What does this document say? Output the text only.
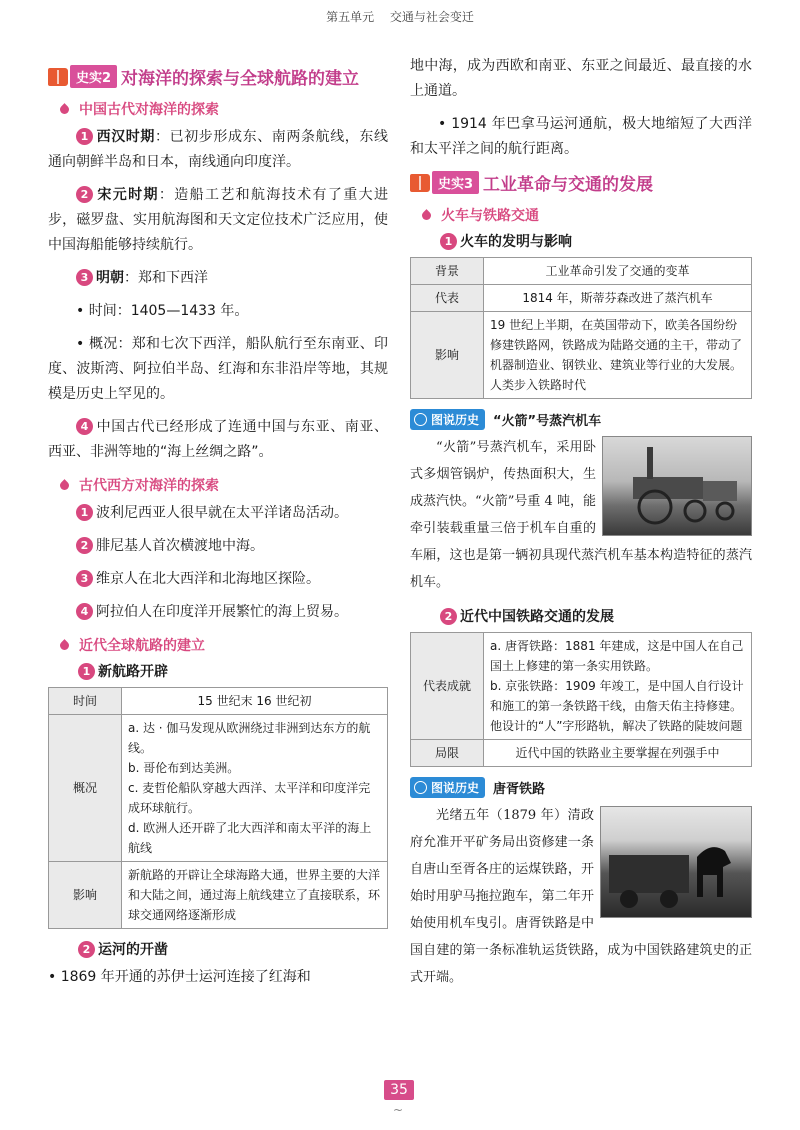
第五单元 交通与社会变迁
史实2 对海洋的探索与全球航路的建立
中国古代对海洋的探索

1 西汉时期：已初步形成东、南两条航线，东线通向朝鲜半岛和日本，南线通向印度洋。

2 宋元时期：造船工艺和航海技术有了重大进步，磁罗盘、实用航海图和天文定位技术广泛应用，使中国海船能够持续航行。

3 明朝：郑和下西洋

• 时间：1405—1433 年。

• 概况：郑和七次下西洋，船队航行至东南亚、印度、波斯湾、阿拉伯半岛、红海和东非沿岸等地，其规模是历史上罕见的。

4 中国古代已经形成了连通中国与东亚、南亚、西亚、非洲等地的“海上丝绸之路”。

古代西方对海洋的探索

1 波利尼西亚人很早就在太平洋诸岛活动。

2 腓尼基人首次横渡地中海。

3 维京人在北大西洋和北海地区探险。

4 阿拉伯人在印度洋开展繁忙的海上贸易。

近代全球航路的建立
1 新航路开辟
时间	15 世纪末 16 世纪初
概况	a. 达 · 伽马发现从欧洲绕过非洲到达东方的航线。
b. 哥伦布到达美洲。
c. 麦哲伦船队穿越大西洋、太平洋和印度洋完成环球航行。
d. 欧洲人还开辟了北大西洋和南太平洋的海上航线

影响	新航路的开辟让全球海路大通，世界主要的大洋和大陆之间，通过海上航线建立了直接联系，环球交通网络逐渐形成
2 运河的开凿

• 1869 年开通的苏伊士运河连接了红海和

地中海，成为西欧和南亚、东亚之间最近、最直接的水上通道。

• 1914 年巴拿马运河通航，极大地缩短了大西洋和太平洋之间的航行距离。

史实3 工业革命与交通的发展
火车与铁路交通
1 火车的发明与影响
背景	工业革命引发了交通的变革
代表	1814 年，斯蒂芬森改进了蒸汽机车
影响	19 世纪上半期，在英国带动下，欧美各国纷纷修建铁路网，铁路成为陆路交通的主干，带动了机器制造业、钢铁业、建筑业等行业的大发展。人类步入铁路时代
图说历史 “火箭”号蒸汽机车

“火箭”号蒸汽机车，采用卧式多烟管锅炉，传热面积大，生成蒸汽快。“火箭”号重 4 吨，能牵引装载重量三倍于机车自重的车厢，这也是第一辆初具现代蒸汽机车基本构造特征的蒸汽机车。

2 近代中国铁路交通的发展
代表成就	a. 唐胥铁路：1881 年建成，这是中国人在自己国土上修建的第一条实用铁路。
b. 京张铁路：1909 年竣工，是中国人自行设计和施工的第一条铁路干线，由詹天佑主持修建。他设计的“人”字形路轨，解决了铁路的陡坡问题

局限	近代中国的铁路业主要掌握在列强手中
图说历史 唐胥铁路

光绪五年（1879 年）清政府允准开平矿务局出资修建一条自唐山至胥各庄的运煤铁路，开始时用驴马拖拉跑车，第二年开始使用机车曳引。唐胥铁路是中国自建的第一条标准轨运货铁路，成为中国铁路建筑史的正式开端。

35
~
